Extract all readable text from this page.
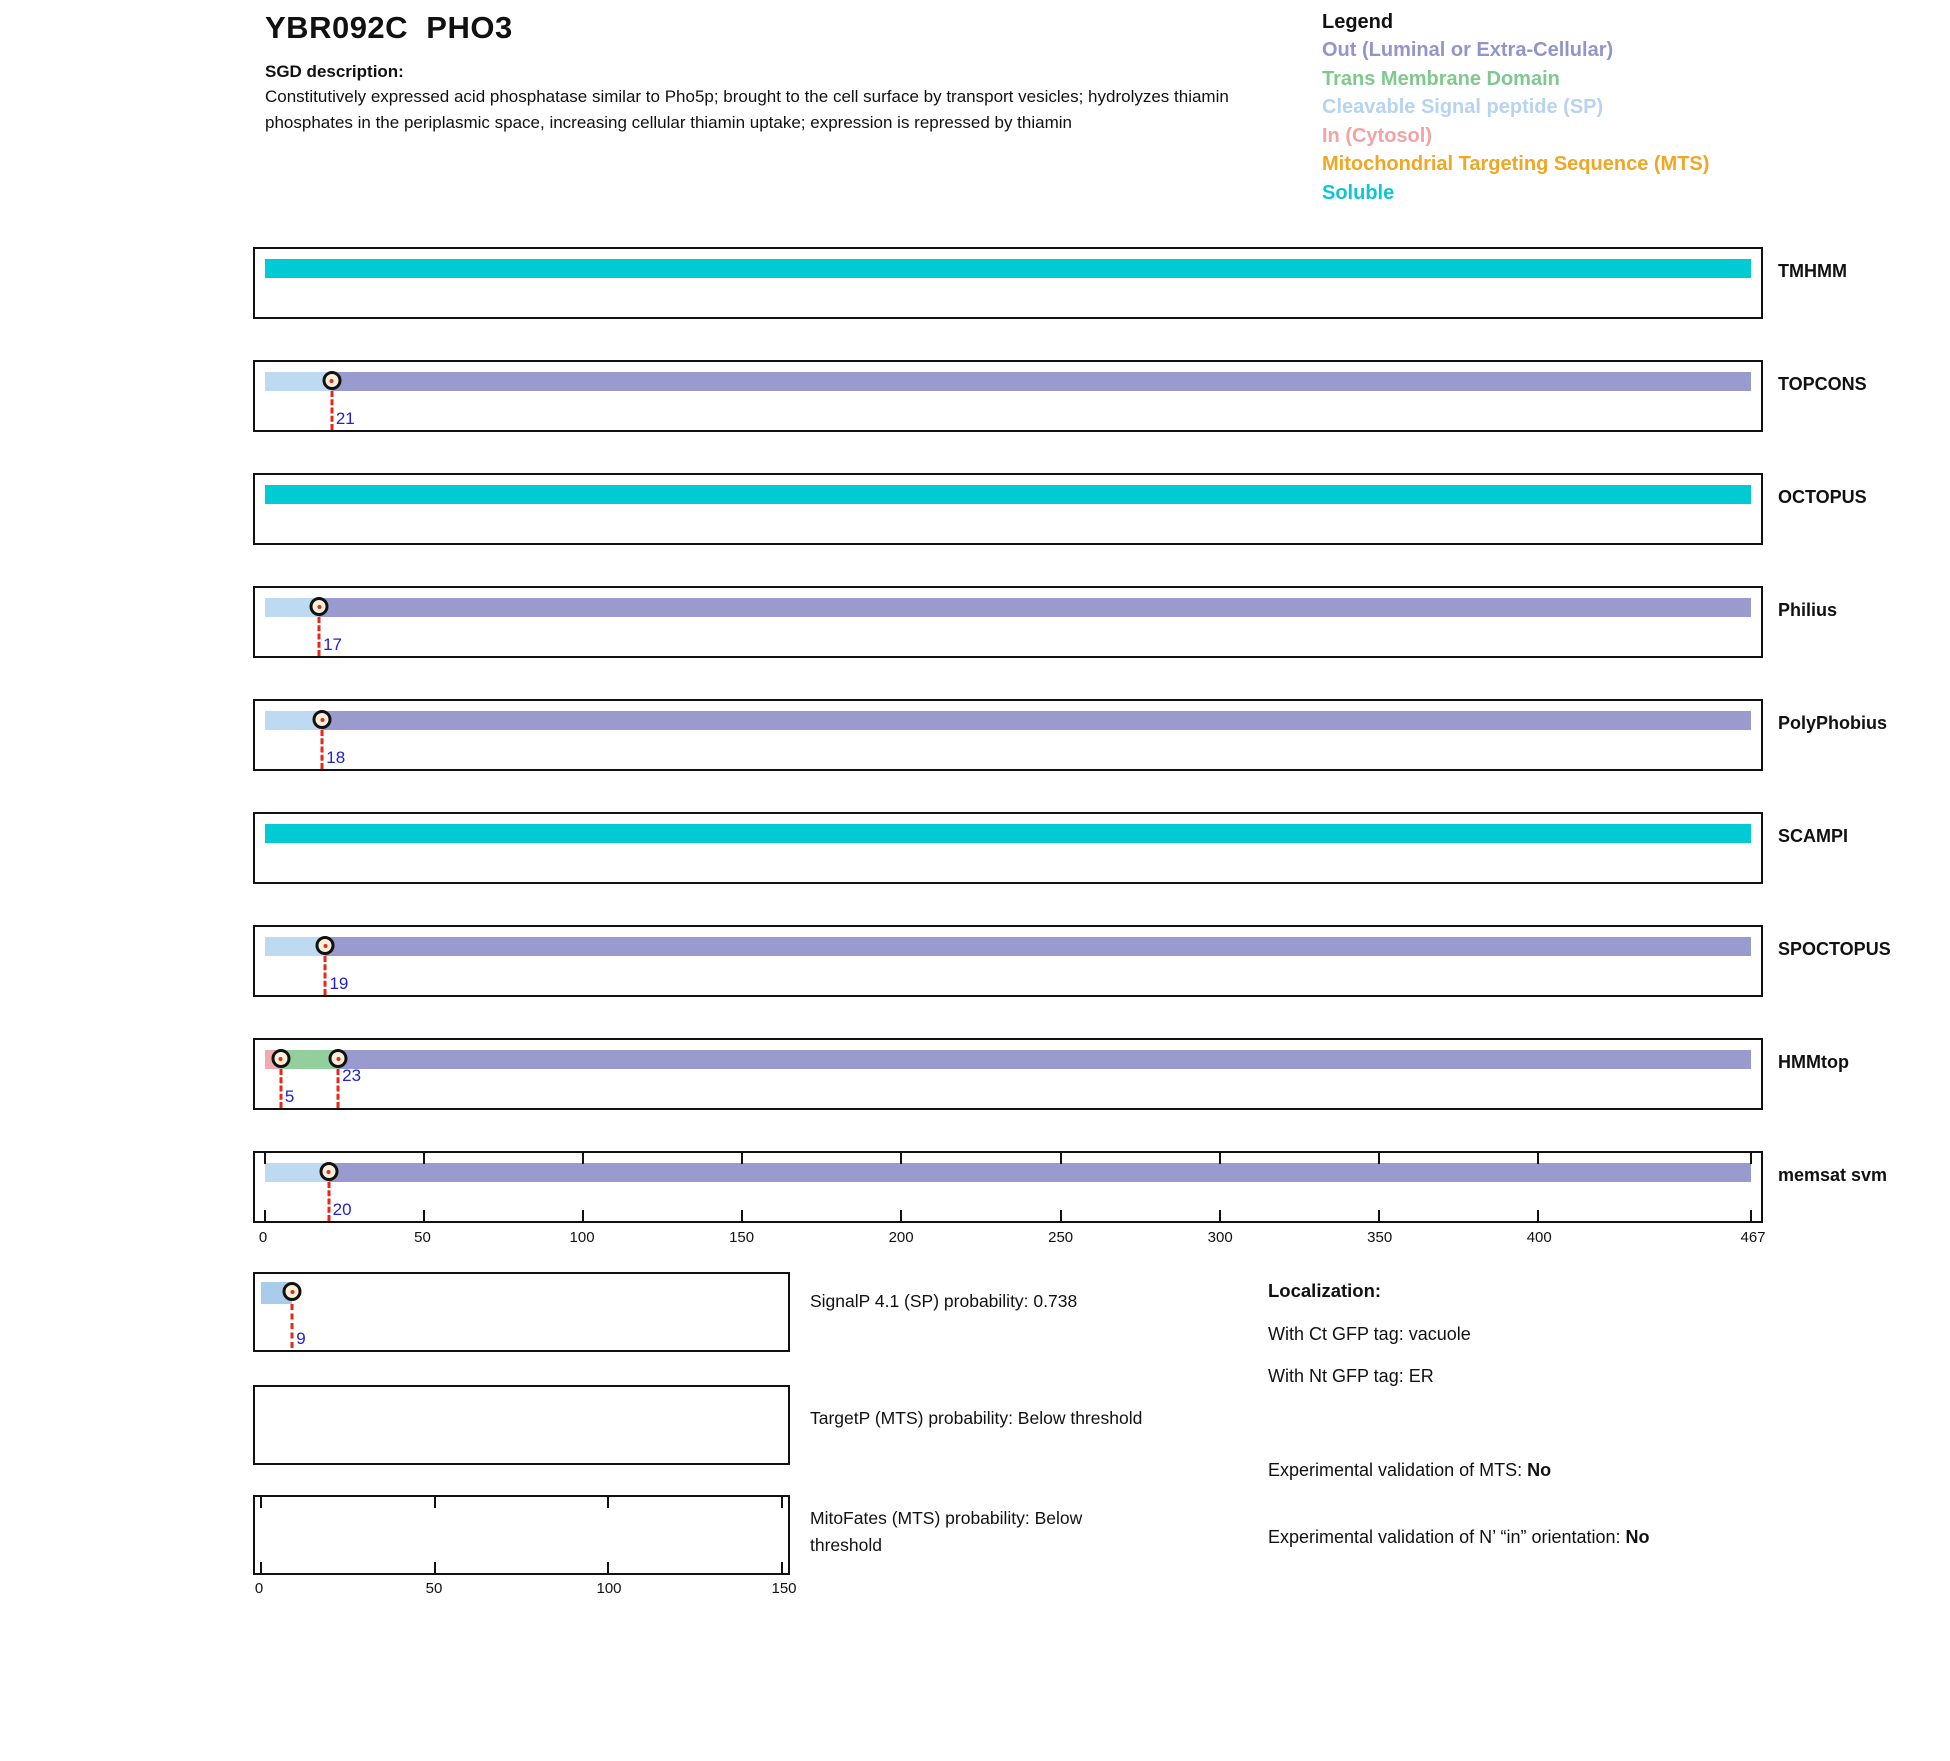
YBR092C  PHO3
SGD description:
Constitutively expressed acid phosphatase similar to Pho5p; brought to the cell surface by transport vesicles; hydrolyzes thiamin phosphates in the periplasmic space, increasing cellular thiamin uptake; expression is repressed by thiamin
Legend
Out (Luminal or Extra-Cellular)
Trans Membrane Domain
Cleavable Signal peptide (SP)
In (Cytosol)
Mitochondrial Targeting Sequence (MTS)
Soluble
TMHMM
21
TOPCONS
OCTOPUS
17
Philius
18
PolyPhobius
SCAMPI
19
SPOCTOPUS
5
23
HMMtop
20
memsat svm
0	50	100	150	200	250	300	350	400	467
9
SignalP 4.1 (SP) probability: 0.738
TargetP (MTS) probability: Below threshold
MitoFates (MTS) probability: Below threshold
0	50	100	150
Localization:
With Ct GFP tag: vacuole
With Nt GFP tag: ER
Experimental validation of MTS: No
Experimental validation of N’ “in” orientation: No
